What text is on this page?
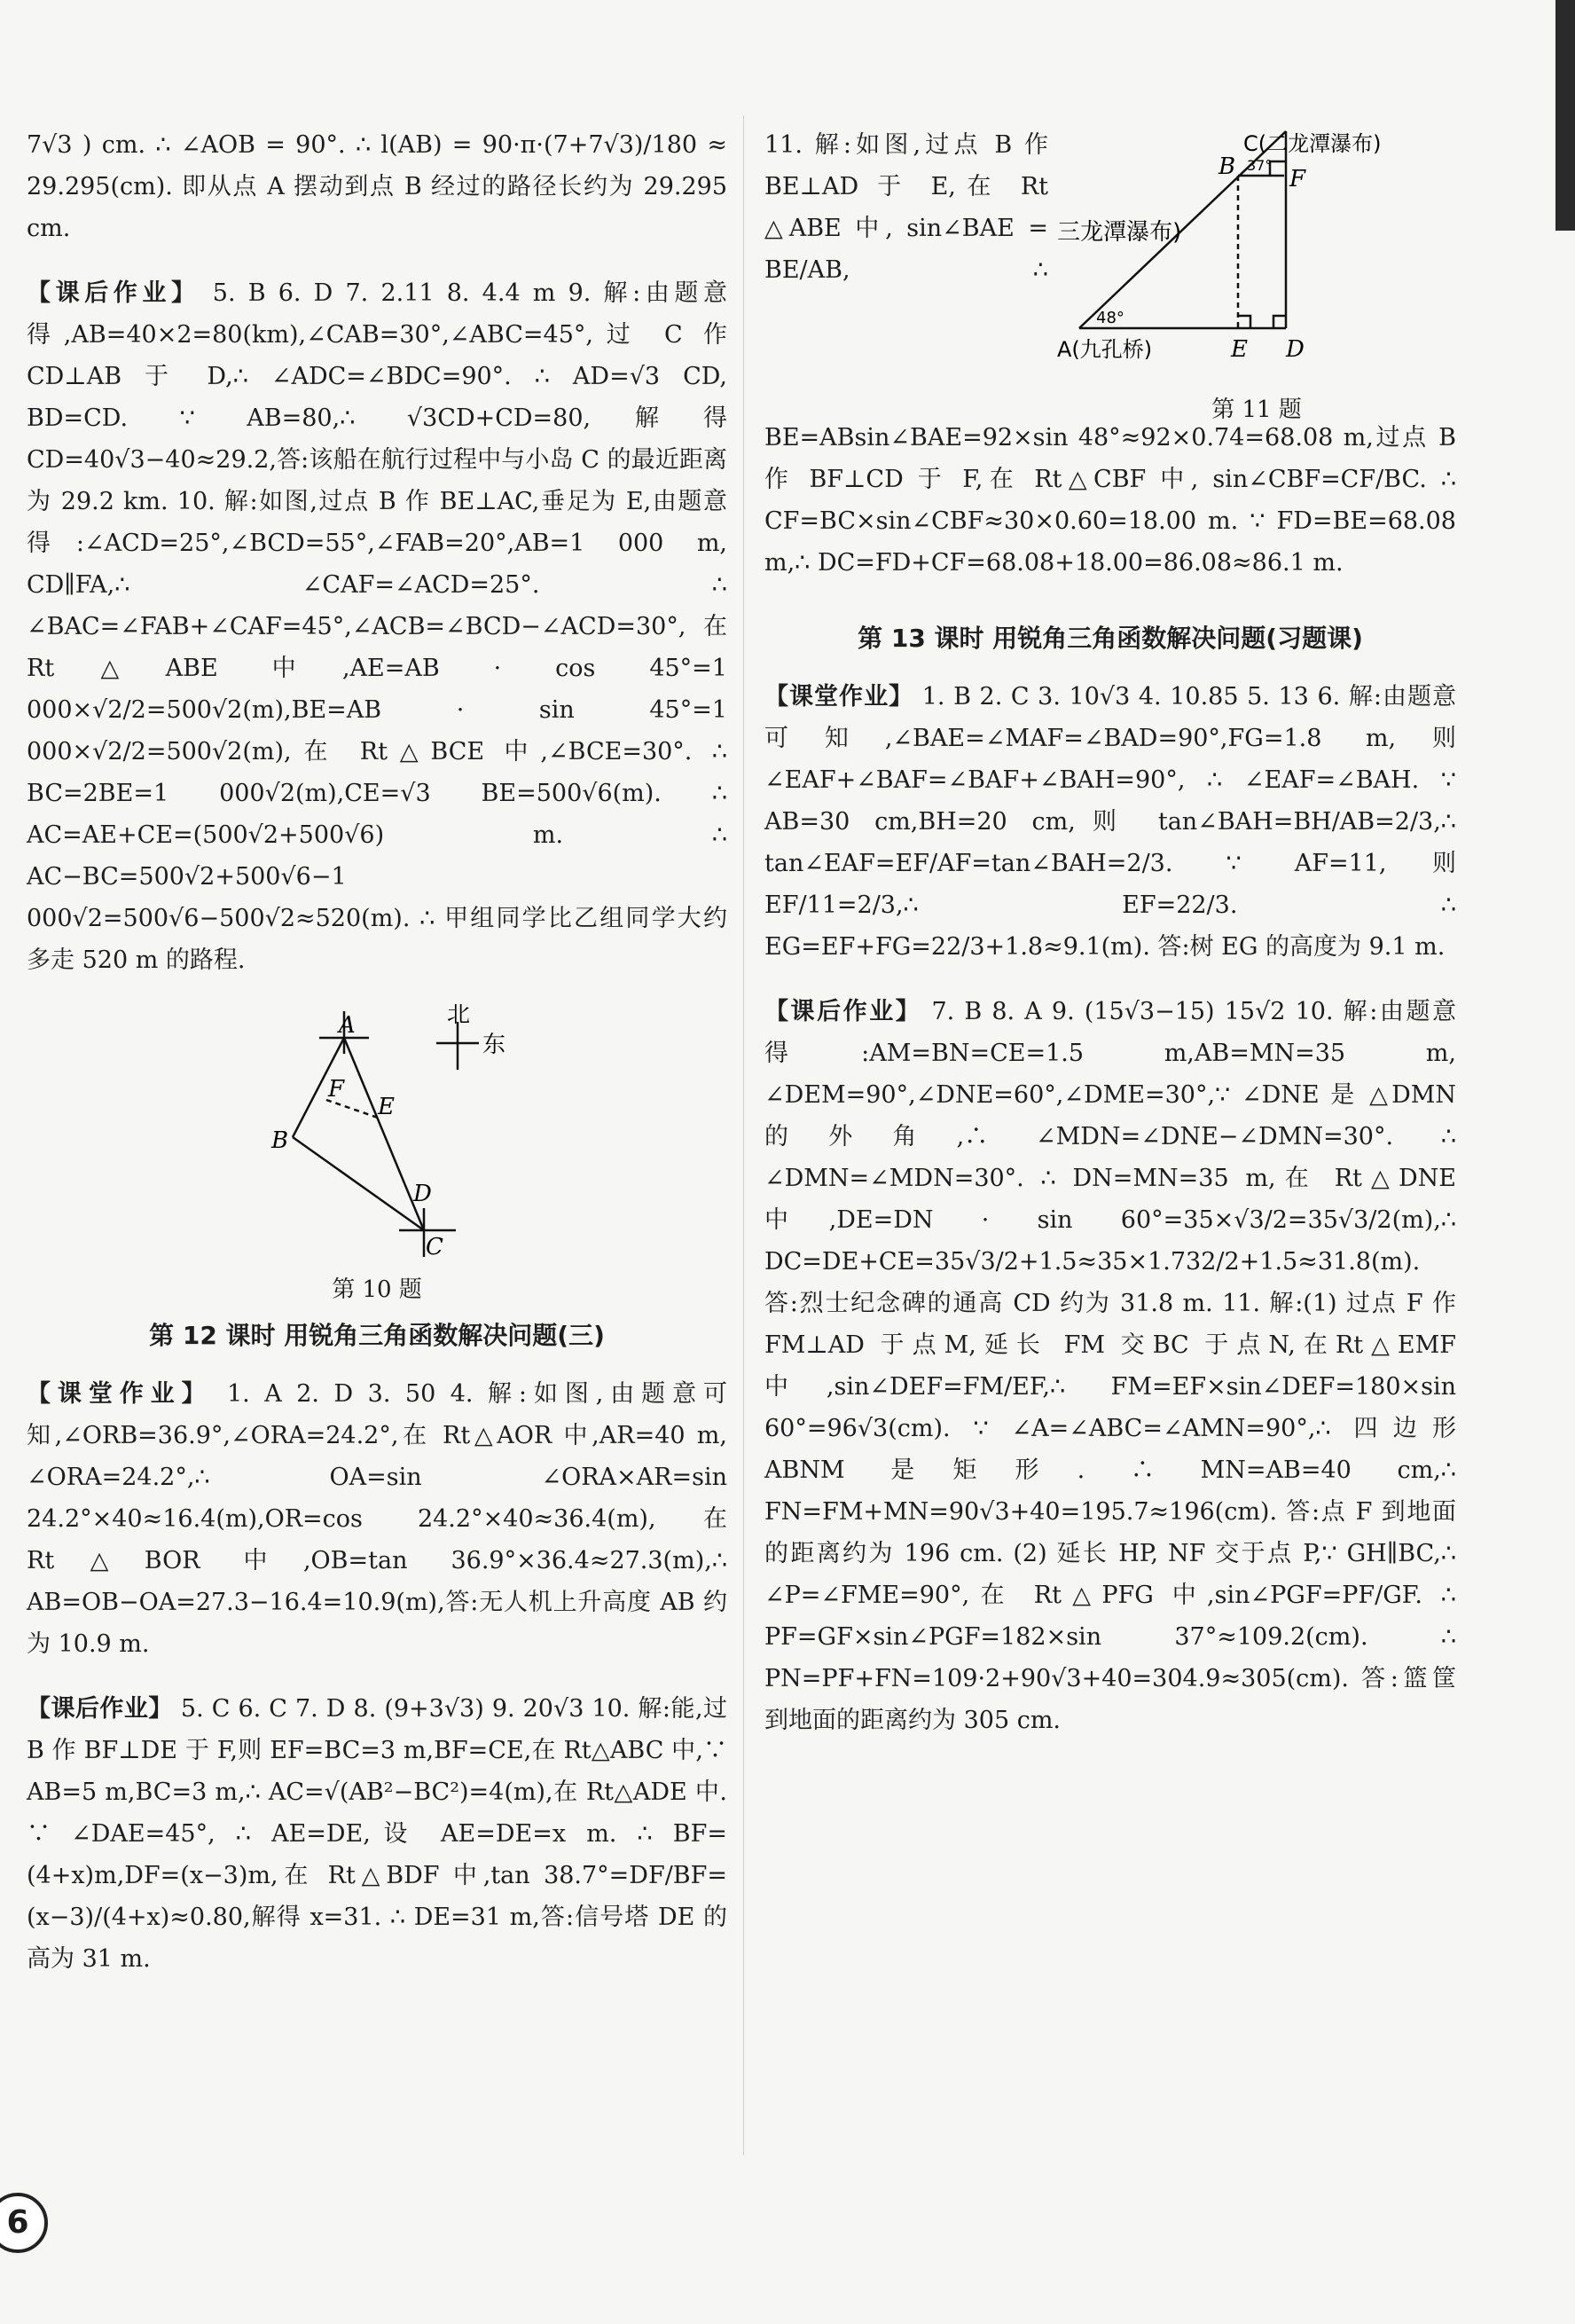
7√3 ) cm. ∴ ∠AOB = 90°. ∴ l(AB) = 90·π·(7+7√3)/180 ≈ 29.295(cm). 即从点 A 摆动到点 B 经过的路径长约为 29.295 cm.

【课后作业】 5. B 6. D 7. 2.11 8. 4.4 m 9. 解:由题意得,AB=40×2=80(km),∠CAB=30°,∠ABC=45°,过 C 作 CD⊥AB 于 D,∴ ∠ADC=∠BDC=90°. ∴ AD=√3 CD, BD=CD. ∵ AB=80,∴ √3CD+CD=80,解得 CD=40√3−40≈29.2,答:该船在航行过程中与小岛 C 的最近距离为 29.2 km. 10. 解:如图,过点 B 作 BE⊥AC,垂足为 E,由题意得:∠ACD=25°,∠BCD=55°,∠FAB=20°,AB=1 000 m, CD∥FA,∴ ∠CAF=∠ACD=25°. ∴ ∠BAC=∠FAB+∠CAF=45°,∠ACB=∠BCD−∠ACD=30°,在 Rt△ABE 中,AE=AB · cos 45°=1 000×√2/2=500√2(m),BE=AB · sin 45°=1 000×√2/2=500√2(m),在 Rt△BCE 中,∠BCE=30°. ∴ BC=2BE=1 000√2(m),CE=√3 BE=500√6(m). ∴ AC=AE+CE=(500√2+500√6) m. ∴ AC−BC=500√2+500√6−1 000√2=500√6−500√2≈520(m). ∴ 甲组同学比乙组同学大约多走 520 m 的路程.

A
B
C
D
E
F
北
东
第 10 题
第 12 课时 用锐角三角函数解决问题(三)

【课堂作业】 1. A 2. D 3. 50 4. 解:如图,由题意可知,∠ORB=36.9°,∠ORA=24.2°,在 Rt△AOR 中,AR=40 m, ∠ORA=24.2°,∴ OA=sin ∠ORA×AR=sin 24.2°×40≈16.4(m),OR=cos 24.2°×40≈36.4(m),在 Rt△BOR 中,OB=tan 36.9°×36.4≈27.3(m),∴ AB=OB−OA=27.3−16.4=10.9(m),答:无人机上升高度 AB 约为 10.9 m.

【课后作业】 5. C 6. C 7. D 8. (9+3√3) 9. 20√3 10. 解:能,过 B 作 BF⊥DE 于 F,则 EF=BC=3 m,BF=CE,在 Rt△ABC 中,∵ AB=5 m,BC=3 m,∴ AC=√(AB²−BC²)=4(m),在 Rt△ADE 中. ∵ ∠DAE=45°, ∴ AE=DE,设 AE=DE=x m. ∴ BF=(4+x)m,DF=(x−3)m,在 Rt△BDF 中,tan 38.7°=DF/BF=(x−3)/(4+x)≈0.80,解得 x=31. ∴ DE=31 m,答:信号塔 DE 的高为 31 m.

C(二龙潭瀑布)
B F
A(九孔桥)	E D
48°
37°
(三龙潭瀑布)
第 11 题

11. 解:如图,过点 B 作 BE⊥AD 于 E,在 Rt △ABE 中, sin∠BAE = BE/AB, ∴ BE=ABsin∠BAE=92×sin 48°≈92×0.74=68.08 m,过点 B 作 BF⊥CD 于 F,在 Rt△CBF 中, sin∠CBF=CF/BC. ∴ CF=BC×sin∠CBF≈30×0.60=18.00 m. ∵ FD=BE=68.08 m,∴ DC=FD+CF=68.08+18.00=86.08≈86.1 m.

第 13 课时 用锐角三角函数解决问题(习题课)

【课堂作业】 1. B 2. C 3. 10√3 4. 10.85 5. 13 6. 解:由题意可知,∠BAE=∠MAF=∠BAD=90°,FG=1.8 m,则 ∠EAF+∠BAF=∠BAF+∠BAH=90°, ∴ ∠EAF=∠BAH. ∵ AB=30 cm,BH=20 cm,则 tan∠BAH=BH/AB=2/3,∴ tan∠EAF=EF/AF=tan∠BAH=2/3. ∵ AF=11,则 EF/11=2/3,∴ EF=22/3. ∴ EG=EF+FG=22/3+1.8≈9.1(m). 答:树 EG 的高度为 9.1 m.

【课后作业】 7. B 8. A 9. (15√3−15) 15√2 10. 解:由题意得:AM=BN=CE=1.5 m,AB=MN=35 m, ∠DEM=90°,∠DNE=60°,∠DME=30°,∵ ∠DNE 是 △DMN 的外角,∴ ∠MDN=∠DNE−∠DMN=30°. ∴ ∠DMN=∠MDN=30°. ∴ DN=MN=35 m,在 Rt△DNE 中,DE=DN · sin 60°=35×√3/2=35√3/2(m),∴ DC=DE+CE=35√3/2+1.5≈35×1.732/2+1.5≈31.8(m). 答:烈士纪念碑的通高 CD 约为 31.8 m. 11. 解:(1) 过点 F 作 FM⊥AD 于点M,延长 FM 交BC 于点N,在Rt△EMF 中,sin∠DEF=FM/EF,∴ FM=EF×sin∠DEF=180×sin 60°=96√3(cm). ∵ ∠A=∠ABC=∠AMN=90°,∴ 四边形 ABNM 是矩形. ∴ MN=AB=40 cm,∴ FN=FM+MN=90√3+40=195.7≈196(cm). 答:点 F 到地面的距离约为 196 cm. (2) 延长 HP, NF 交于点 P,∵ GH∥BC,∴ ∠P=∠FME=90°,在 Rt△PFG 中,sin∠PGF=PF/GF. ∴ PF=GF×sin∠PGF=182×sin 37°≈109.2(cm). ∴ PN=PF+FN=109·2+90√3+40=304.9≈305(cm). 答:篮筐到地面的距离约为 305 cm.

6
